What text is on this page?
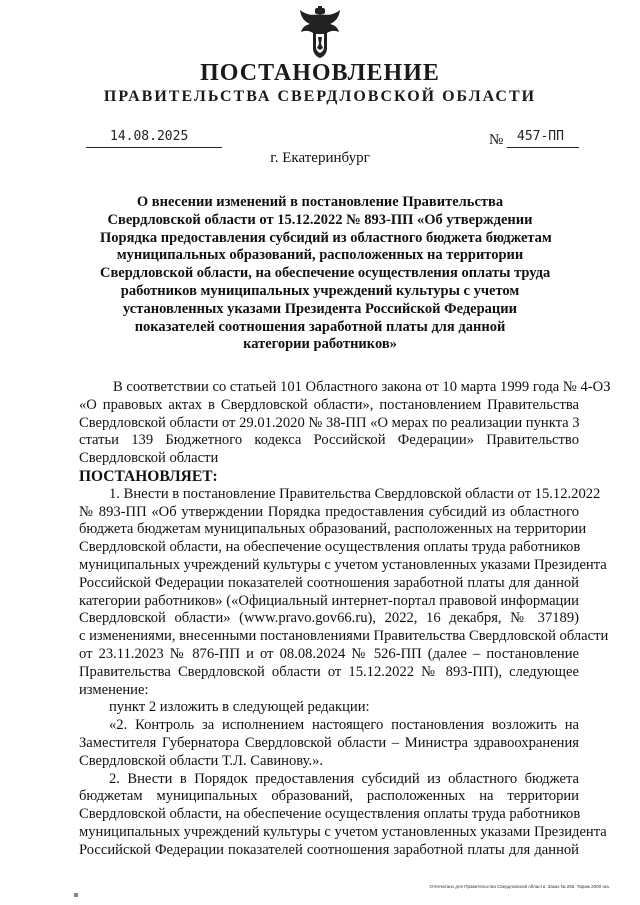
ПОСТАНОВЛЕНИЕ
ПРАВИТЕЛЬСТВА СВЕРДЛОВСКОЙ ОБЛАСТИ
14.08.2025	№	457-ПП
г. Екатеринбург
О внесении изменений в постановление Правительства
Свердловской области от 15.12.2022 № 893-ПП «Об утверждении
Порядка предоставления субсидий из областного бюджета бюджетам
муниципальных образований, расположенных на территории
Свердловской области, на обеспечение осуществления оплаты труда
работников муниципальных учреждений культуры с учетом
установленных указами Президента Российской Федерации
показателей соотношения заработной платы для данной
категории работников»
В соответствии со статьей 101 Областного закона от 10 марта 1999 года № 4-ОЗ
«О правовых актах в Свердловской области», постановлением Правительства
Свердловской области от 29.01.2020 № 38-ПП «О мерах по реализации пункта 3
статьи 139 Бюджетного кодекса Российской Федерации» Правительство
Свердловской области
ПОСТАНОВЛЯЕТ:
1. Внести в постановление Правительства Свердловской области от 15.12.2022
№ 893-ПП «Об утверждении Порядка предоставления субсидий из областного
бюджета бюджетам муниципальных образований, расположенных на территории
Свердловской области, на обеспечение осуществления оплаты труда работников
муниципальных учреждений культуры с учетом установленных указами Президента
Российской Федерации показателей соотношения заработной платы для данной
категории работников» («Официальный интернет-портал правовой информации
Свердловской области» (www.pravo.gov66.ru), 2022, 16 декабря, № 37189)
с изменениями, внесенными постановлениями Правительства Свердловской области
от 23.11.2023 № 876-ПП и от 08.08.2024 № 526-ПП (далее – постановление
Правительства Свердловской области от 15.12.2022 № 893-ПП), следующее
изменение:
пункт 2 изложить в следующей редакции:
«2. Контроль за исполнением настоящего постановления возложить на
Заместителя Губернатора Свердловской области – Министра здравоохранения
Свердловской области Т.Л. Савинову.».
2. Внести в Порядок предоставления субсидий из областного бюджета
бюджетам муниципальных образований, расположенных на территории
Свердловской области, на обеспечение осуществления оплаты труда работников
муниципальных учреждений культуры с учетом установленных указами Президента
Российской Федерации показателей соотношения заработной платы для данной
Отпечатано для Правительства Свердловской области. Заказ № 256. Тираж 2000 экз.
